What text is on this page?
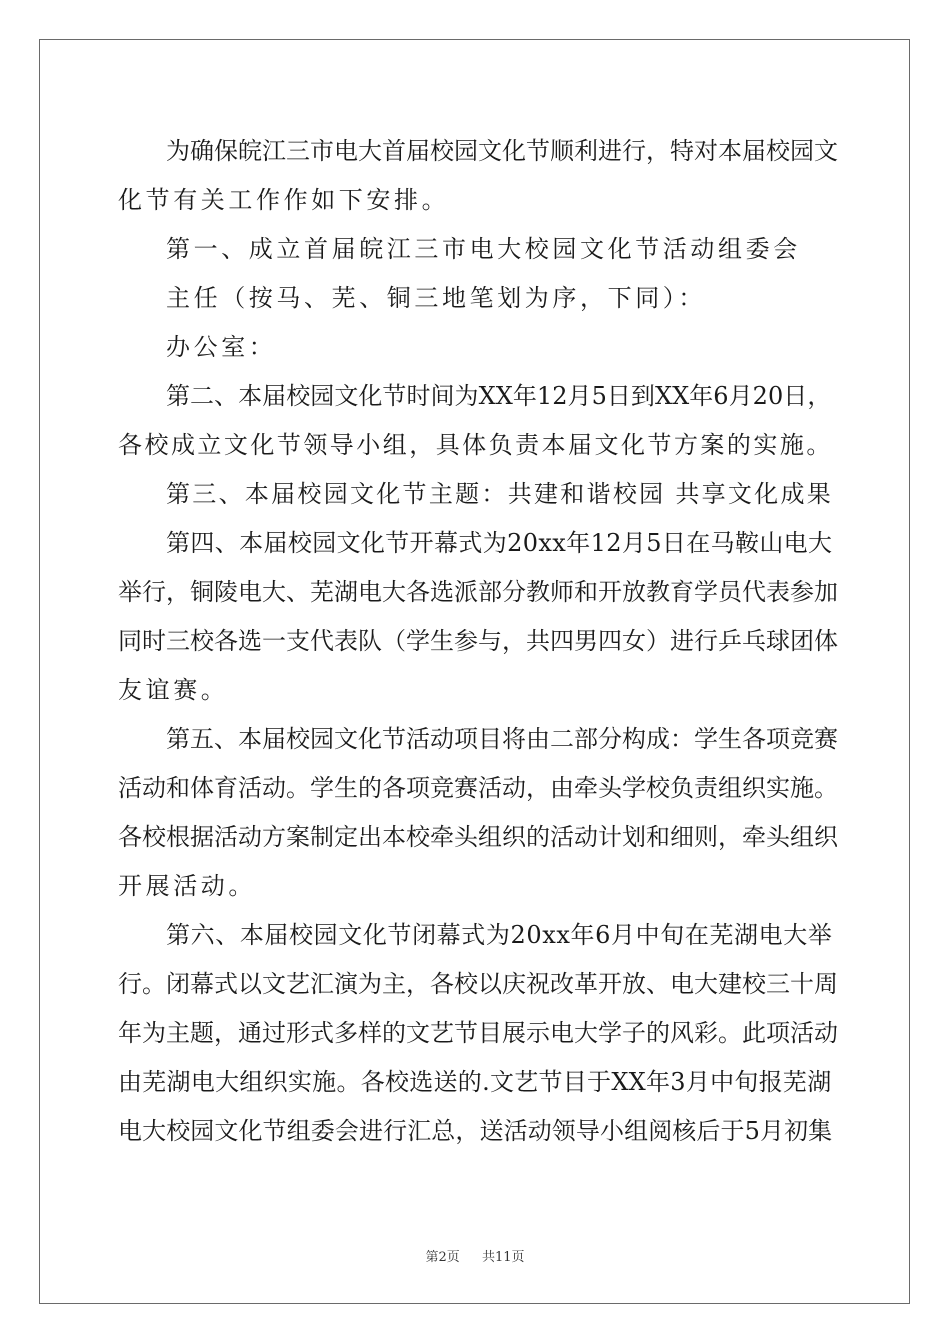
为确保皖江三市电大首届校园文化节顺利进行，特对本届校园文

化节有关工作作如下安排。

第一、成立首届皖江三市电大校园文化节活动组委会

主任（按马、芜、铜三地笔划为序，下同）：

办公室：

第二、本届校园文化节时间为XX年12月5日到XX年6月20日，

各校成立文化节领导小组，具体负责本届文化节方案的实施。

第三、本届校园文化节主题：共建和谐校园 共享文化成果

第四、本届校园文化节开幕式为20xx年12月5日在马鞍山电大

举行，铜陵电大、芜湖电大各选派部分教师和开放教育学员代表参加

同时三校各选一支代表队（学生参与，共四男四女）进行乒乓球团体

友谊赛。

第五、本届校园文化节活动项目将由二部分构成：学生各项竞赛

活动和体育活动。学生的各项竞赛活动，由牵头学校负责组织实施。

各校根据活动方案制定出本校牵头组织的活动计划和细则，牵头组织

开展活动。

第六、本届校园文化节闭幕式为20xx年6月中旬在芜湖电大举

行。闭幕式以文艺汇演为主，各校以庆祝改革开放、电大建校三十周

年为主题，通过形式多样的文艺节目展示电大学子的风彩。此项活动

由芜湖电大组织实施。各校选送的.文艺节目于XX年3月中旬报芜湖

电大校园文化节组委会进行汇总，送活动领导小组阅核后于5月初集

第2页 共11页
